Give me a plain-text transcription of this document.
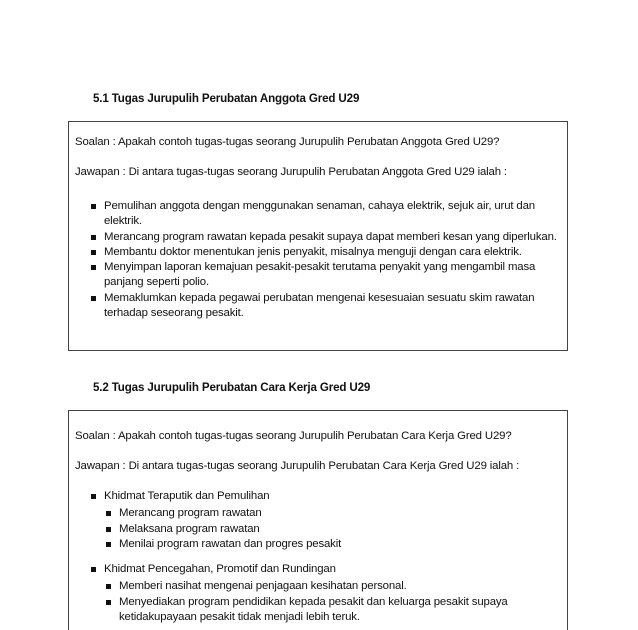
5.1 Tugas Jurupulih Perubatan Anggota Gred U29
Soalan : Apakah contoh tugas-tugas seorang Jurupulih Perubatan Anggota Gred U29?
Jawapan : Di antara tugas-tugas seorang Jurupulih Perubatan Anggota Gred U29 ialah :
Pemulihan anggota dengan menggunakan senaman, cahaya elektrik, sejuk air, urut dan elektrik.
Merancang program rawatan kepada pesakit supaya dapat memberi kesan yang diperlukan.
Membantu doktor menentukan jenis penyakit, misalnya menguji dengan cara elektrik.
Menyimpan laporan kemajuan pesakit-pesakit terutama penyakit yang mengambil masa panjang seperti polio.
Memaklumkan kepada pegawai perubatan mengenai kesesuaian sesuatu skim rawatan terhadap seseorang pesakit.
5.2 Tugas Jurupulih Perubatan Cara Kerja Gred U29
Soalan : Apakah contoh tugas-tugas seorang Jurupulih Perubatan Cara Kerja Gred U29?
Jawapan : Di antara tugas-tugas seorang Jurupulih Perubatan Cara Kerja Gred U29 ialah :
Khidmat Teraputik dan Pemulihan
Merancang program rawatan
Melaksana program rawatan
Menilai program rawatan dan progres pesakit
Khidmat Pencegahan, Promotif dan Rundingan
Memberi nasihat mengenai penjagaan kesihatan personal.
Menyediakan program pendidikan kepada pesakit dan keluarga pesakit supaya ketidakupayaan pesakit tidak menjadi lebih teruk.
